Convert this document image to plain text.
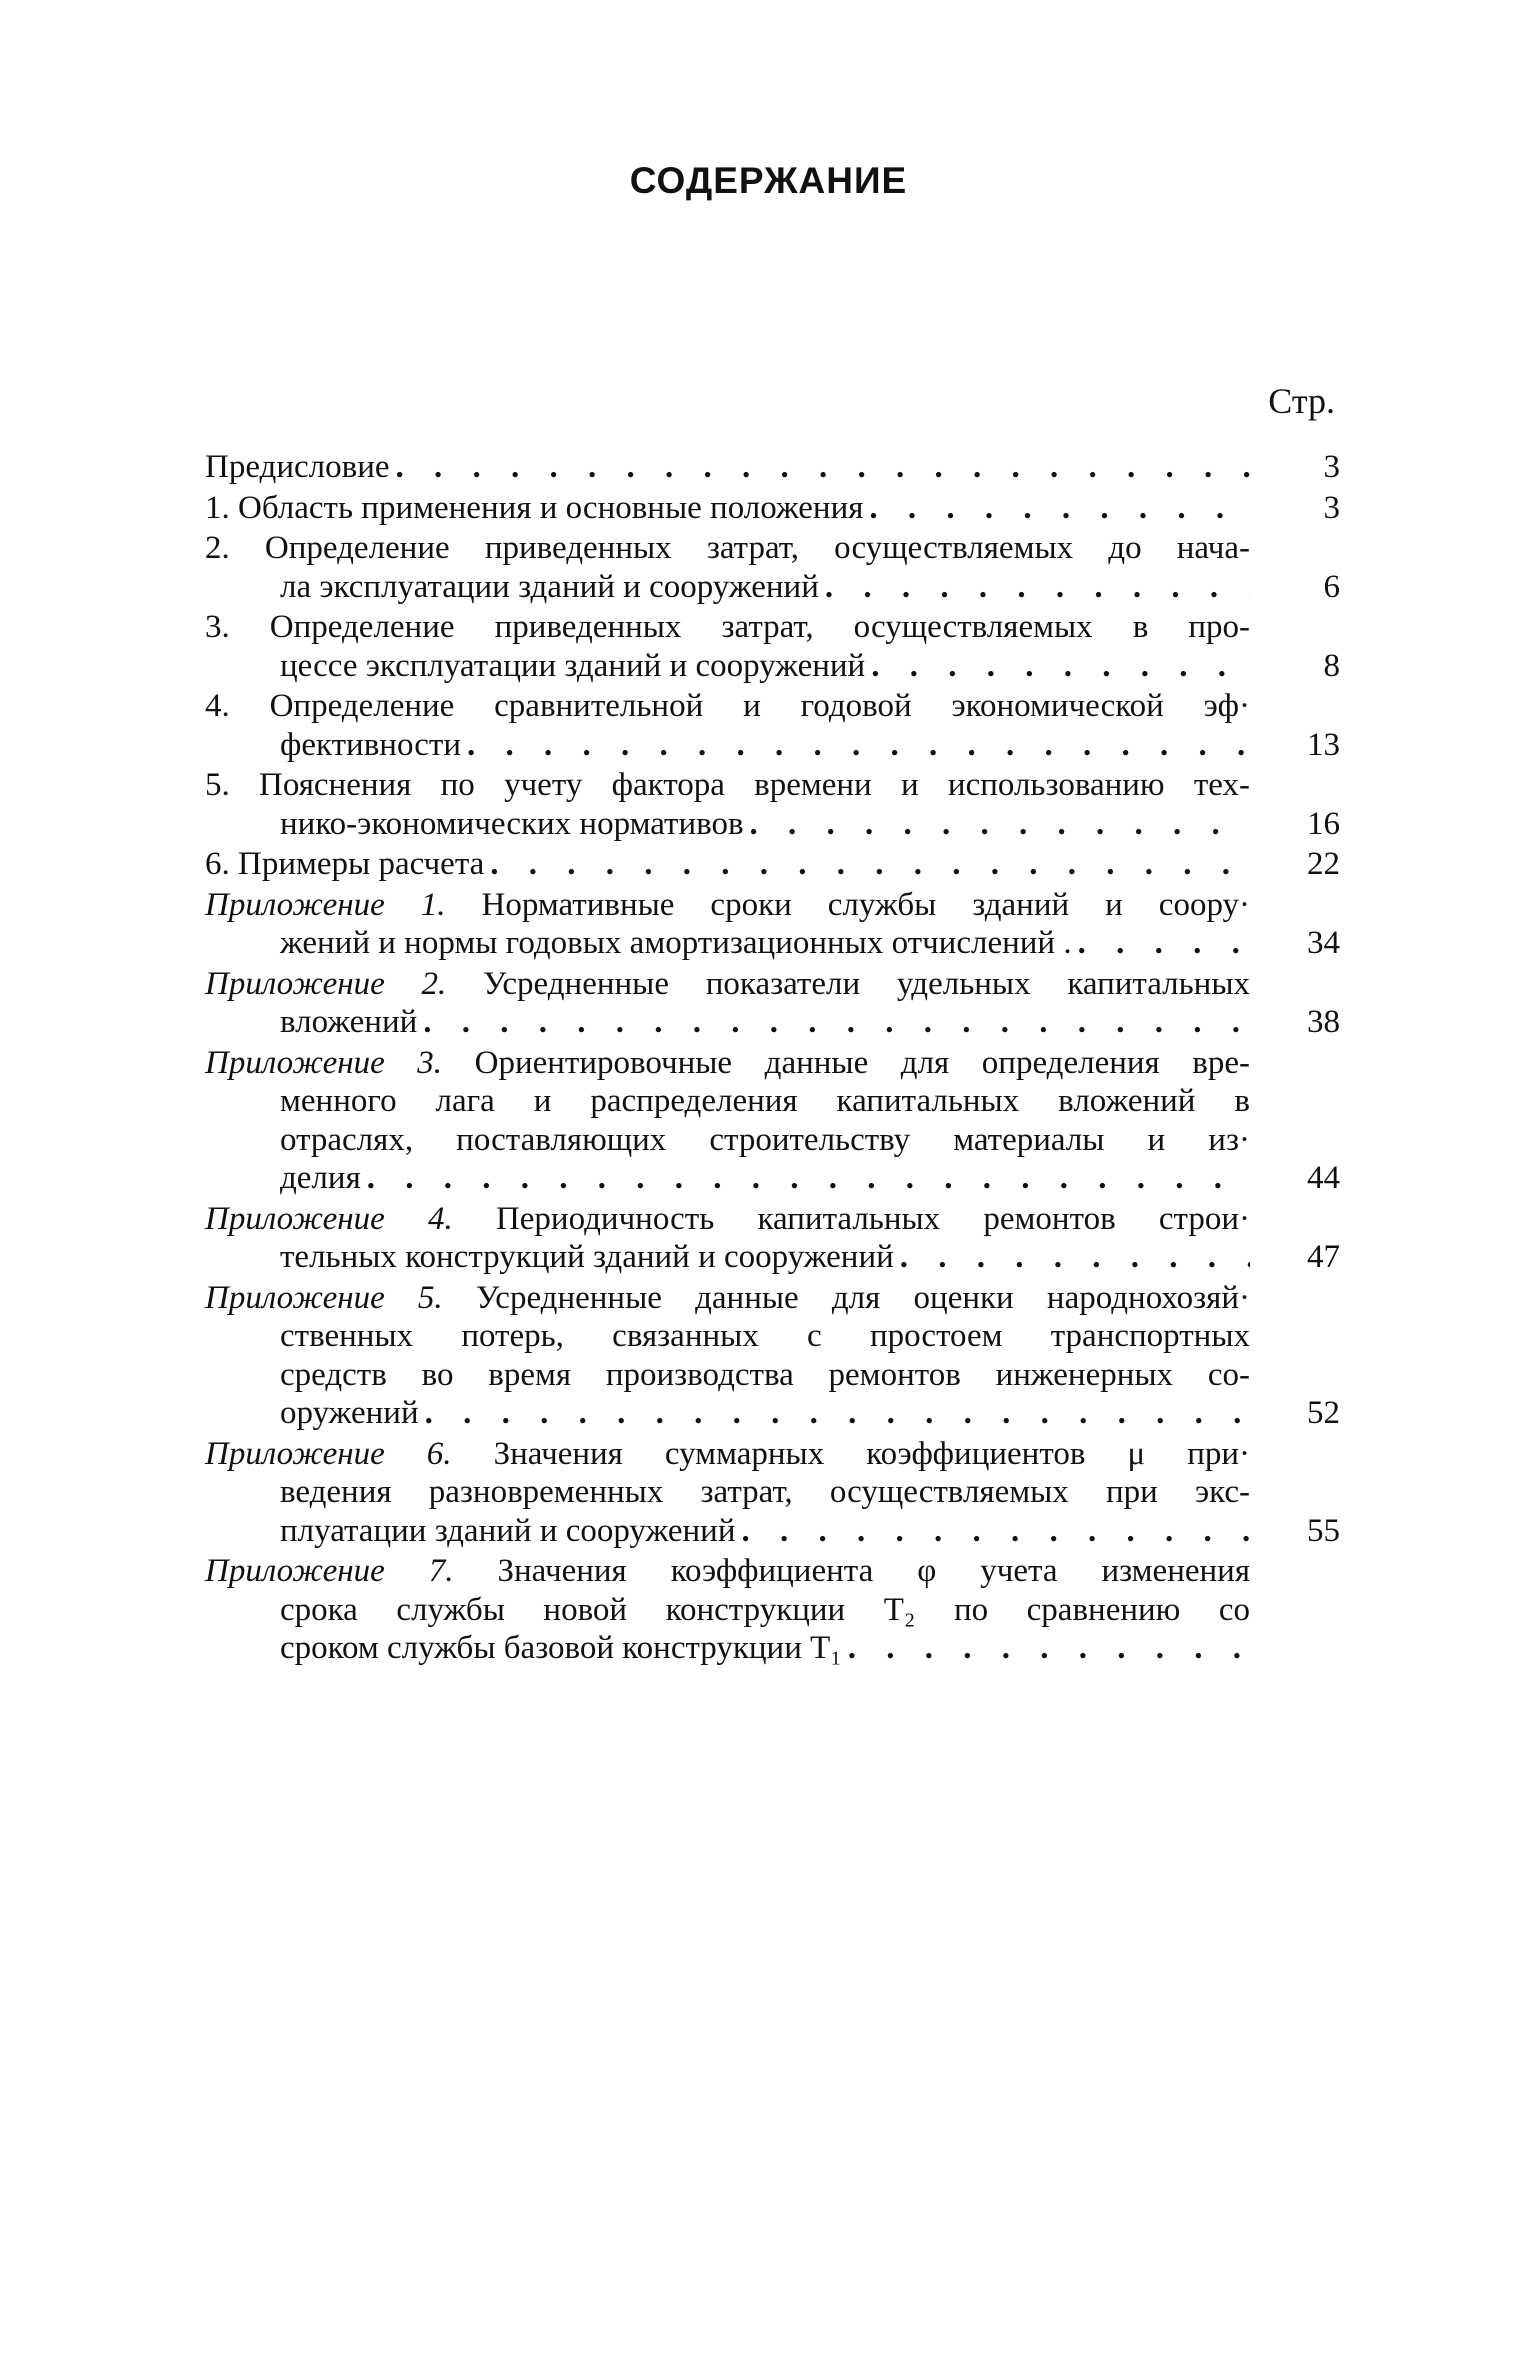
СОДЕРЖАНИЕ
Стр.
Предисловие . . .	3
1. Область применения и основные положения . . .	3
2. Определение приведенных затрат, осуществляемых до нача-
ла эксплуатации зданий и сооружений . . .	6
3. Определение приведенных затрат, осуществляемых в про-
цессе эксплуатации зданий и сооружений . . .	8
4. Определение сравнительной и годовой экономической эф·
фективности . . .	13
5. Пояснения по учету фактора времени и использованию тех-
нико-экономических нормативов . . .	16
6. Примеры расчета . . .	22
Приложение 1. Нормативные сроки службы зданий и соору·
жений и нормы годовых амортизационных отчислений . . . .	34
Приложение 2. Усредненные показатели удельных капитальных
вложений . . .	38
Приложение 3. Ориентировочные данные для определения вре-
менного лага и распределения капитальных вложений в
отраслях, поставляющих строительству материалы и из·
делия . . .	44
Приложение 4. Периодичность капитальных ремонтов строи·
тельных конструкций зданий и сооружений . . .	47
Приложение 5. Усредненные данные для оценки народнохозяй·
ственных потерь, связанных с простоем транспортных
средств во время производства ремонтов инженерных со-
оружений . . .	52
Приложение 6. Значения суммарных коэффициентов μ при·
ведения разновременных затрат, осуществляемых при экс-
плуатации зданий и сооружений . . .	55
Приложение 7. Значения коэффициента φ учета изменения
срока службы новой конструкции T₂ по сравнению со
сроком службы базовой конструкции T₁
. . .
